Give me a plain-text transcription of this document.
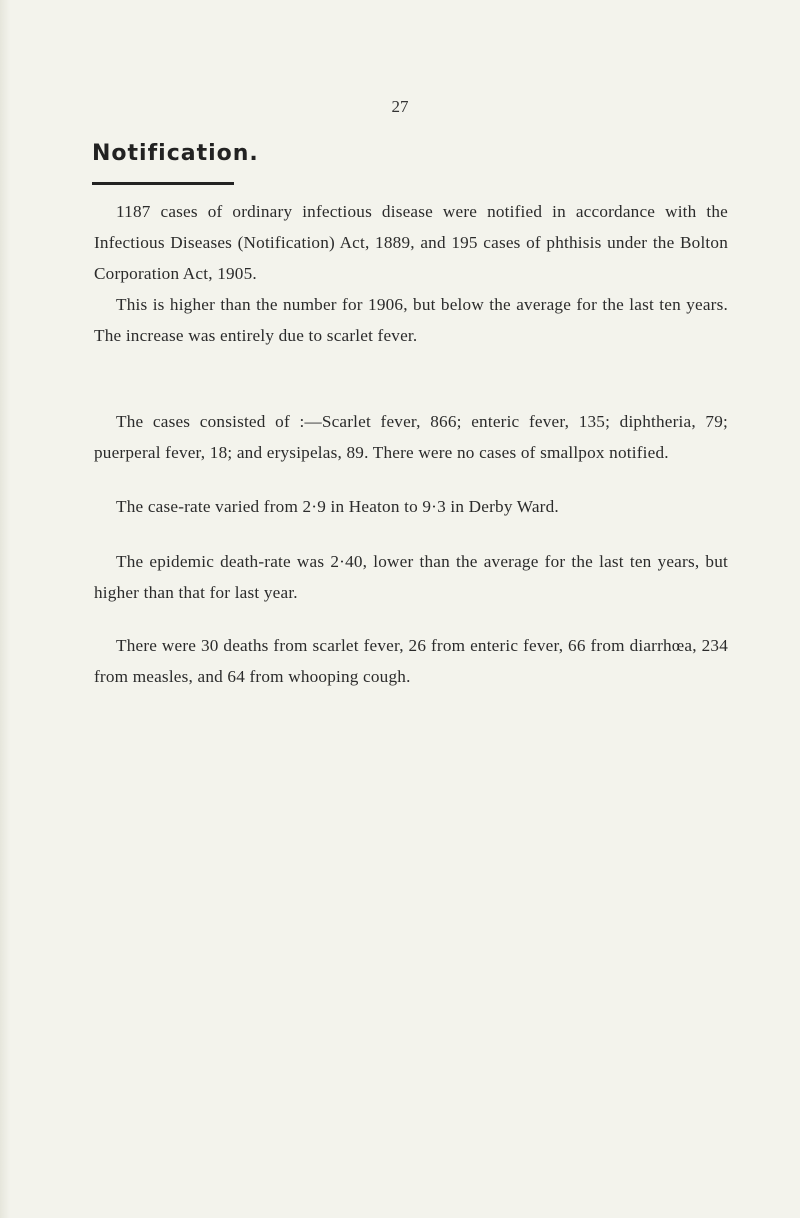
27
Notification.

1187 cases of ordinary infectious disease were notified in accordance with the Infectious Diseases (Notification) Act, 1889, and 195 cases of phthisis under the Bolton Corporation Act, 1905.

This is higher than the number for 1906, but below the average for the last ten years. The increase was entirely due to scarlet fever.

The cases consisted of :—Scarlet fever, 866; enteric fever, 135; diphtheria, 79; puerperal fever, 18; and erysipelas, 89. There were no cases of smallpox notified.

The case-rate varied from 2·9 in Heaton to 9·3 in Derby Ward.

The epidemic death-rate was 2·40, lower than the average for the last ten years, but higher than that for last year.

There were 30 deaths from scarlet fever, 26 from enteric fever, 66 from diarrhœa, 234 from measles, and 64 from whooping cough.
